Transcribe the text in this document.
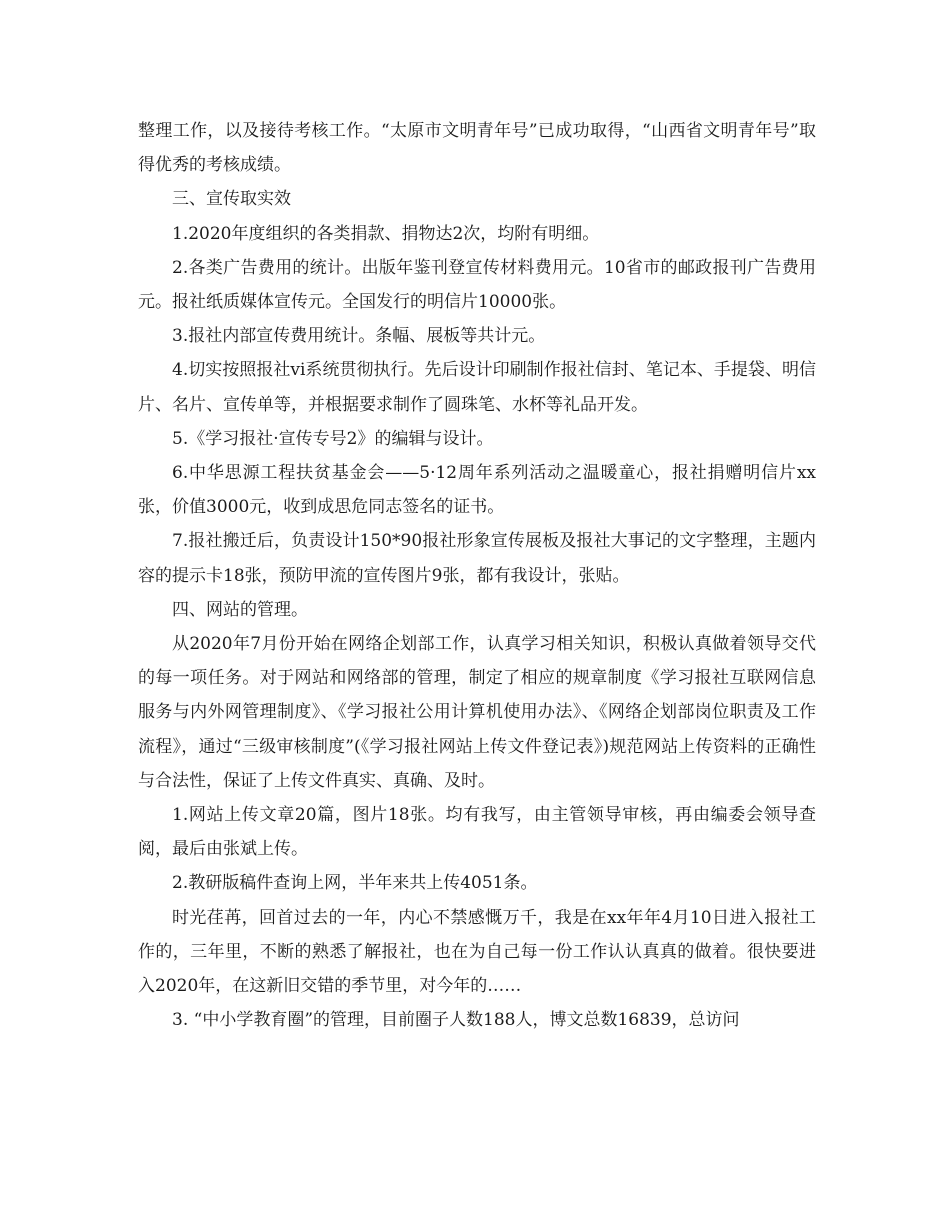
整理工作，以及接待考核工作。“太原市文明青年号”已成功取得，“山西省文明青年号”取得优秀的考核成绩。

三、宣传取实效

1.2020年度组织的各类捐款、捐物达2次，均附有明细。

2.各类广告费用的统计。出版年鉴刊登宣传材料费用元。10省市的邮政报刊广告费用元。报社纸质媒体宣传元。全国发行的明信片10000张。

3.报社内部宣传费用统计。条幅、展板等共计元。

4.切实按照报社vi系统贯彻执行。先后设计印刷制作报社信封、笔记本、手提袋、明信片、名片、宣传单等，并根据要求制作了圆珠笔、水杯等礼品开发。

5.《学习报社·宣传专号2》的编辑与设计。

6.中华思源工程扶贫基金会——5·12周年系列活动之温暖童心，报社捐赠明信片xx张，价值3000元，收到成思危同志签名的证书。

7.报社搬迁后，负责设计150*90报社形象宣传展板及报社大事记的文字整理，主题内容的提示卡18张，预防甲流的宣传图片9张，都有我设计，张贴。

四、网站的管理。

从2020年7月份开始在网络企划部工作，认真学习相关知识，积极认真做着领导交代的每一项任务。对于网站和网络部的管理，制定了相应的规章制度《学习报社互联网信息服务与内外网管理制度》、《学习报社公用计算机使用办法》、《网络企划部岗位职责及工作流程》，通过“三级审核制度”(《学习报社网站上传文件登记表》)规范网站上传资料的正确性与合法性，保证了上传文件真实、真确、及时。

1.网站上传文章20篇，图片18张。均有我写，由主管领导审核，再由编委会领导查阅，最后由张斌上传。

2.教研版稿件查询上网，半年来共上传4051条。

时光荏苒，回首过去的一年，内心不禁感慨万千，我是在xx年年4月10日进入报社工作的，三年里，不断的熟悉了解报社，也在为自己每一份工作认认真真的做着。很快要进入2020年，在这新旧交错的季节里，对今年的……

3. “中小学教育圈”的管理，目前圈子人数188人，博文总数16839，总访问
